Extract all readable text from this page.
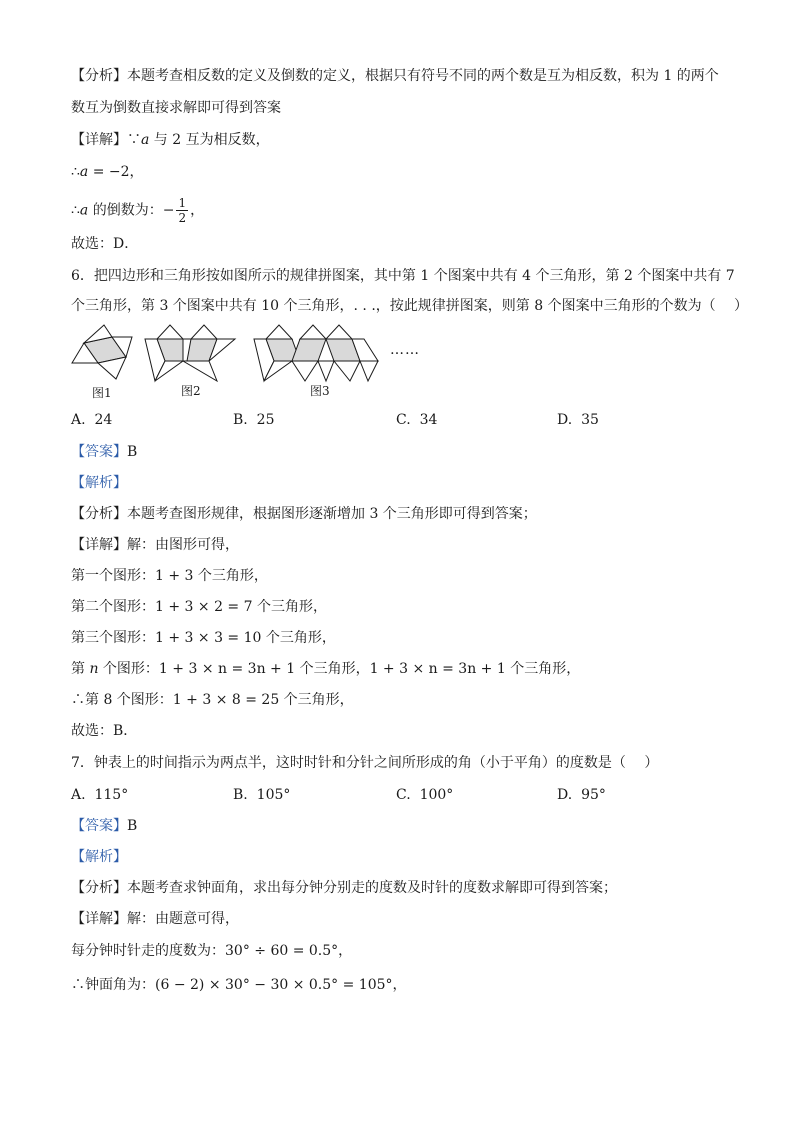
【分析】本题考查相反数的定义及倒数的定义，根据只有符号不同的两个数是互为相反数，积为 1 的两个
数互为倒数直接求解即可得到答案
【详解】∵a 与 2 互为相反数，
∴a = −2，
∴a 的倒数为：− $\frac{1}{2}$ ，
故选：D．
6．把四边形和三角形按如图所示的规律拼图案，其中第 1 个图案中共有 4 个三角形，第 2 个图案中共有 7
个三角形，第 3 个图案中共有 10 个三角形，. . .，按此规律拼图案，则第 8 个图案中三角形的个数为（　 ）
图1	图2	图3
……
A. 24	B. 25	C. 34	D. 35
【答案】B
【解析】
【分析】本题考查图形规律，根据图形逐渐增加 3 个三角形即可得到答案；
【详解】解：由图形可得，
第一个图形：1 + 3 个三角形，
第二个图形：1 + 3 × 2 = 7 个三角形，
第三个图形：1 + 3 × 3 = 10 个三角形，
第 n 个图形：1 + 3 × n = 3n + 1 个三角形，1 + 3 × n = 3n + 1 个三角形，
∴第 8 个图形：1 + 3 × 8 = 25 个三角形，
故选：B．
7．钟表上的时间指示为两点半，这时时针和分针之间所形成的角（小于平角）的度数是（　 ）
A. 115°	B. 105°	C. 100°	D. 95°
【答案】B
【解析】
【分析】本题考查求钟面角，求出每分钟分别走的度数及时针的度数求解即可得到答案；
【详解】解：由题意可得，
每分钟时针走的度数为：30° ÷ 60 = 0.5°，
∴钟面角为：(6 − 2) × 30° − 30 × 0.5° = 105°，
